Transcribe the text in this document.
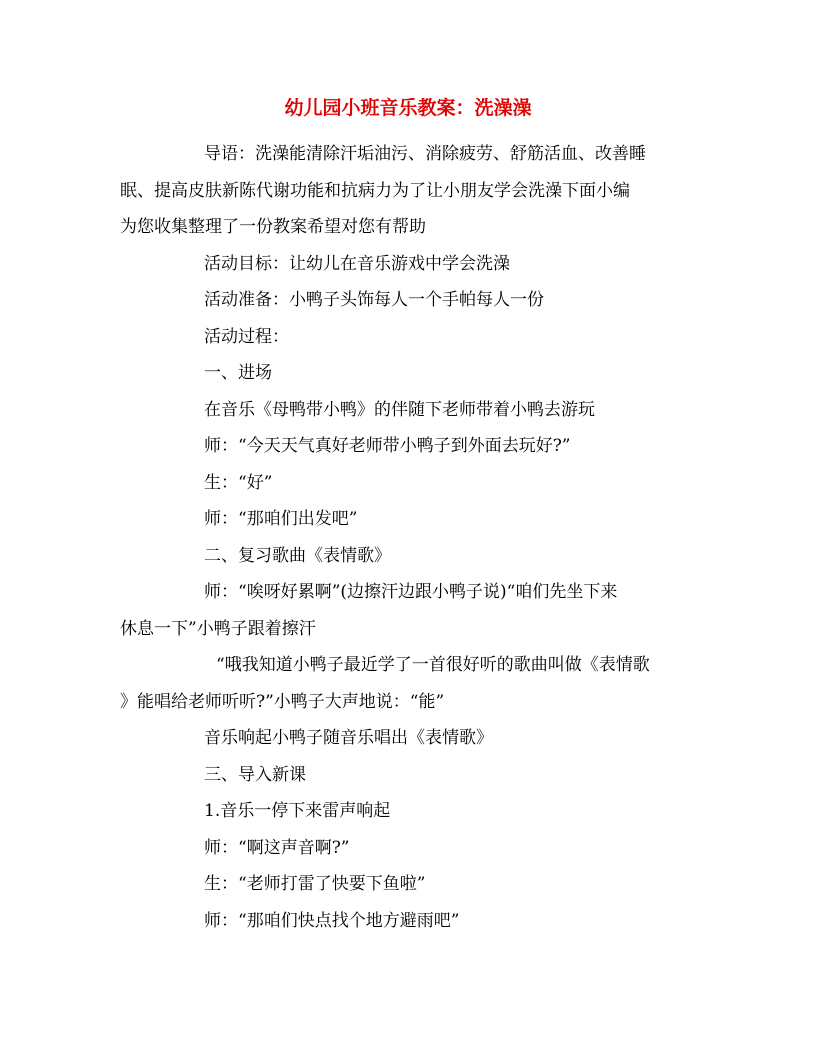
幼儿园小班音乐教案：洗澡澡

导语：洗澡能清除汗垢油污、消除疲劳、舒筋活血、改善睡

眠、提高皮肤新陈代谢功能和抗病力为了让小朋友学会洗澡下面小编

为您收集整理了一份教案希望对您有帮助

活动目标：让幼儿在音乐游戏中学会洗澡

活动准备：小鸭子头饰每人一个手帕每人一份

活动过程：

一、进场

在音乐《母鸭带小鸭》的伴随下老师带着小鸭去游玩

师：“今天天气真好老师带小鸭子到外面去玩好?”

生：“好”

师：“那咱们出发吧”

二、复习歌曲《表情歌》

师：“唉呀好累啊”(边擦汗边跟小鸭子说)“咱们先坐下来

休息一下”小鸭子跟着擦汗

“哦我知道小鸭子最近学了一首很好听的歌曲叫做《表情歌

》能唱给老师听听?”小鸭子大声地说：“能”

音乐响起小鸭子随音乐唱出《表情歌》

三、导入新课

1.音乐一停下来雷声响起

师：“啊这声音啊?”

生：“老师打雷了快要下鱼啦”

师：“那咱们快点找个地方避雨吧”
